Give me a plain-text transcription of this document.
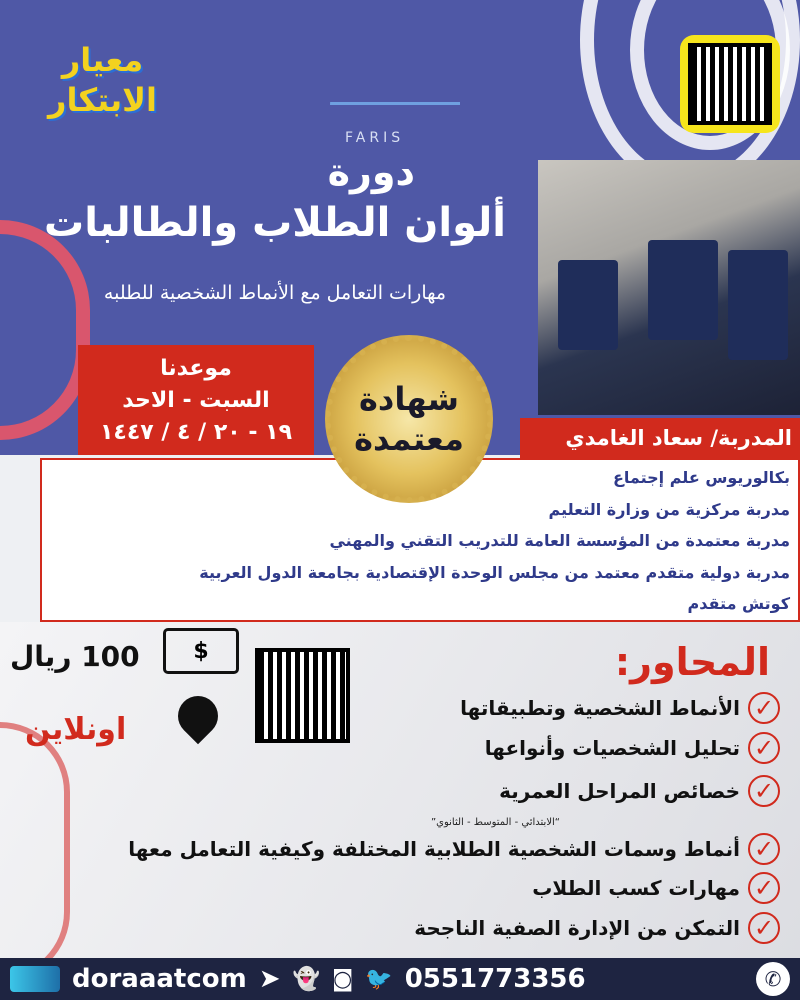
معيار الابتكار
FARIS
دورة
ألوان الطلاب والطالبات
مهارات التعامل مع الأنماط الشخصية للطلبه
موعدنا
السبت - الاحد
١٩ - ٢٠ / ٤ / ١٤٤٧	المدربة/ سعاد الغامدي
بكالوريوس علم إجتماع
مدربة مركزية من وزارة التعليم
مدربة معتمدة من المؤسسة العامة للتدريب التقني والمهني
مدربة دولية متقدم معتمد من مجلس الوحدة الإقتصادية بجامعة الدول العربية
كوتش متقدم
شهادة
معتمدة
100 ريال	$
اونلاين
المحاور:
✓
الأنماط الشخصية وتطبيقاتها
✓
تحليل الشخصيات وأنواعها
✓
خصائص المراحل العمرية
“الابتدائي - المتوسط - الثانوي”
✓
أنماط وسمات الشخصية الطلابية المختلفة وكيفية التعامل معها
✓
مهارات كسب الطلاب
✓
التمكن من الإدارة الصفية الناجحة
doraaatcom ➤ 👻 ◙ 🐦 0551773356	✆
